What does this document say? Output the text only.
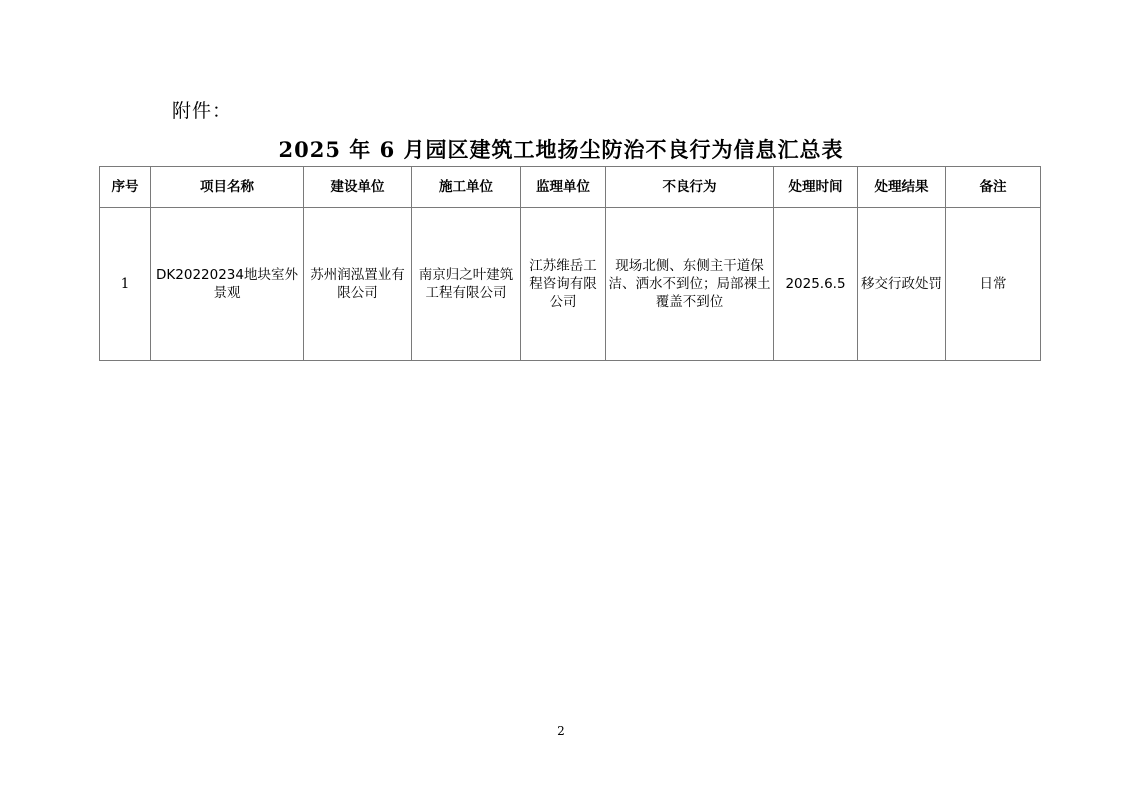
附件：
2025 年 6 月园区建筑工地扬尘防治不良行为信息汇总表
序号	项目名称	建设单位	施工单位	监理单位	不良行为	处理时间	处理结果	备注
1	DK20220234地块室外景观	苏州润泓置业有限公司	南京归之叶建筑工程有限公司	江苏维岳工程咨询有限公司	现场北侧、东侧主干道保洁、洒水不到位；局部裸土覆盖不到位	2025.6.5	移交行政处罚	日常
2
